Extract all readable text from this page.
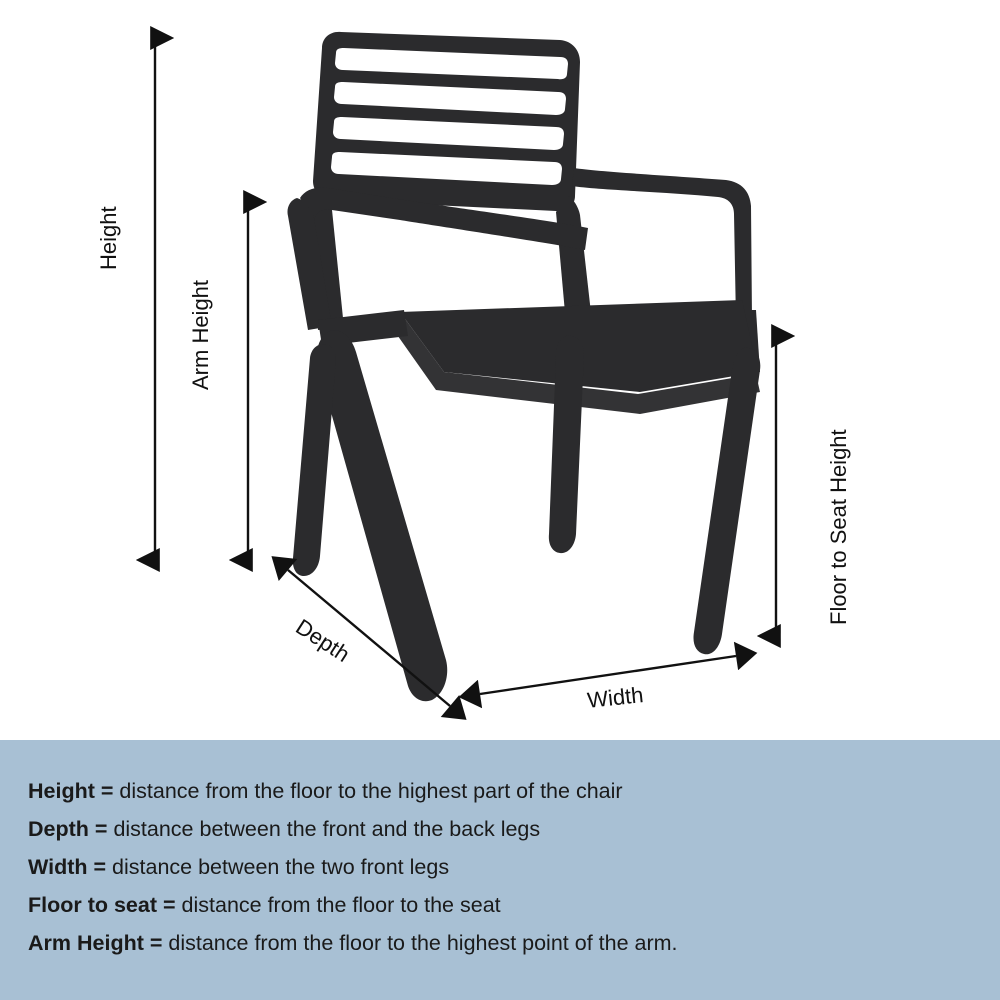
Height
Arm Height
Floor to Seat Height
Depth
Width
Height = distance from the floor to the highest part of the chair
Depth = distance between the front and the back legs
Width = distance between the two front legs
Floor to seat = distance from the floor to the seat
Arm Height = distance from the floor to the highest point of the arm.
